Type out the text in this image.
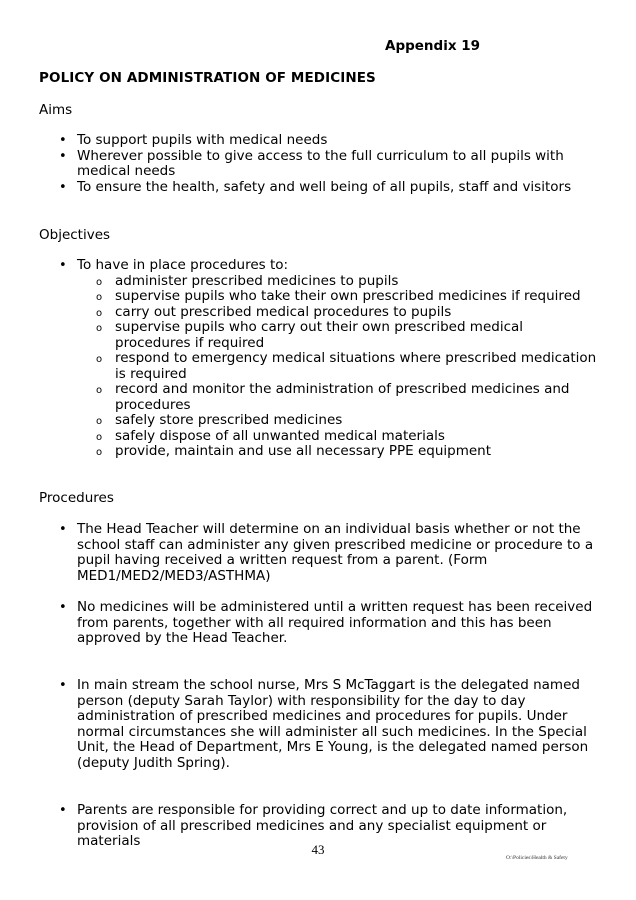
Appendix 19
POLICY ON ADMINISTRATION OF MEDICINES
Aims
• To support pupils with medical needs
• Wherever possible to give access to the full curriculum to all pupils with medical needs
• To ensure the health, safety and well being of all pupils, staff and visitors
Objectives
• To have in place procedures to:
o administer prescribed medicines to pupils
o supervise pupils who take their own prescribed medicines if required
o carry out prescribed medical procedures to pupils
o supervise pupils who carry out their own prescribed medical procedures if required
o respond to emergency medical situations where prescribed medication is required
o record and monitor the administration of prescribed medicines and procedures
o safely store prescribed medicines
o safely dispose of all unwanted medical materials
o provide, maintain and use all necessary PPE equipment
Procedures
• The Head Teacher will determine on an individual basis whether or not the school staff can administer any given prescribed medicine or procedure to a pupil having received a written request from a parent. (Form MED1/MED2/MED3/ASTHMA)
• No medicines will be administered until a written request has been received from parents, together with all required information and this has been approved by the Head Teacher.
• In main stream the school nurse, Mrs S McTaggart is the delegated named person (deputy Sarah Taylor) with responsibility for the day to day administration of prescribed medicines and procedures for pupils. Under normal circumstances she will administer all such medicines. In the Special Unit, the Head of Department, Mrs E Young, is the delegated named person (deputy Judith Spring).
• Parents are responsible for providing correct and up to date information, provision of all prescribed medicines and any specialist equipment or materials
43
O:\Policies\Health & Safety
